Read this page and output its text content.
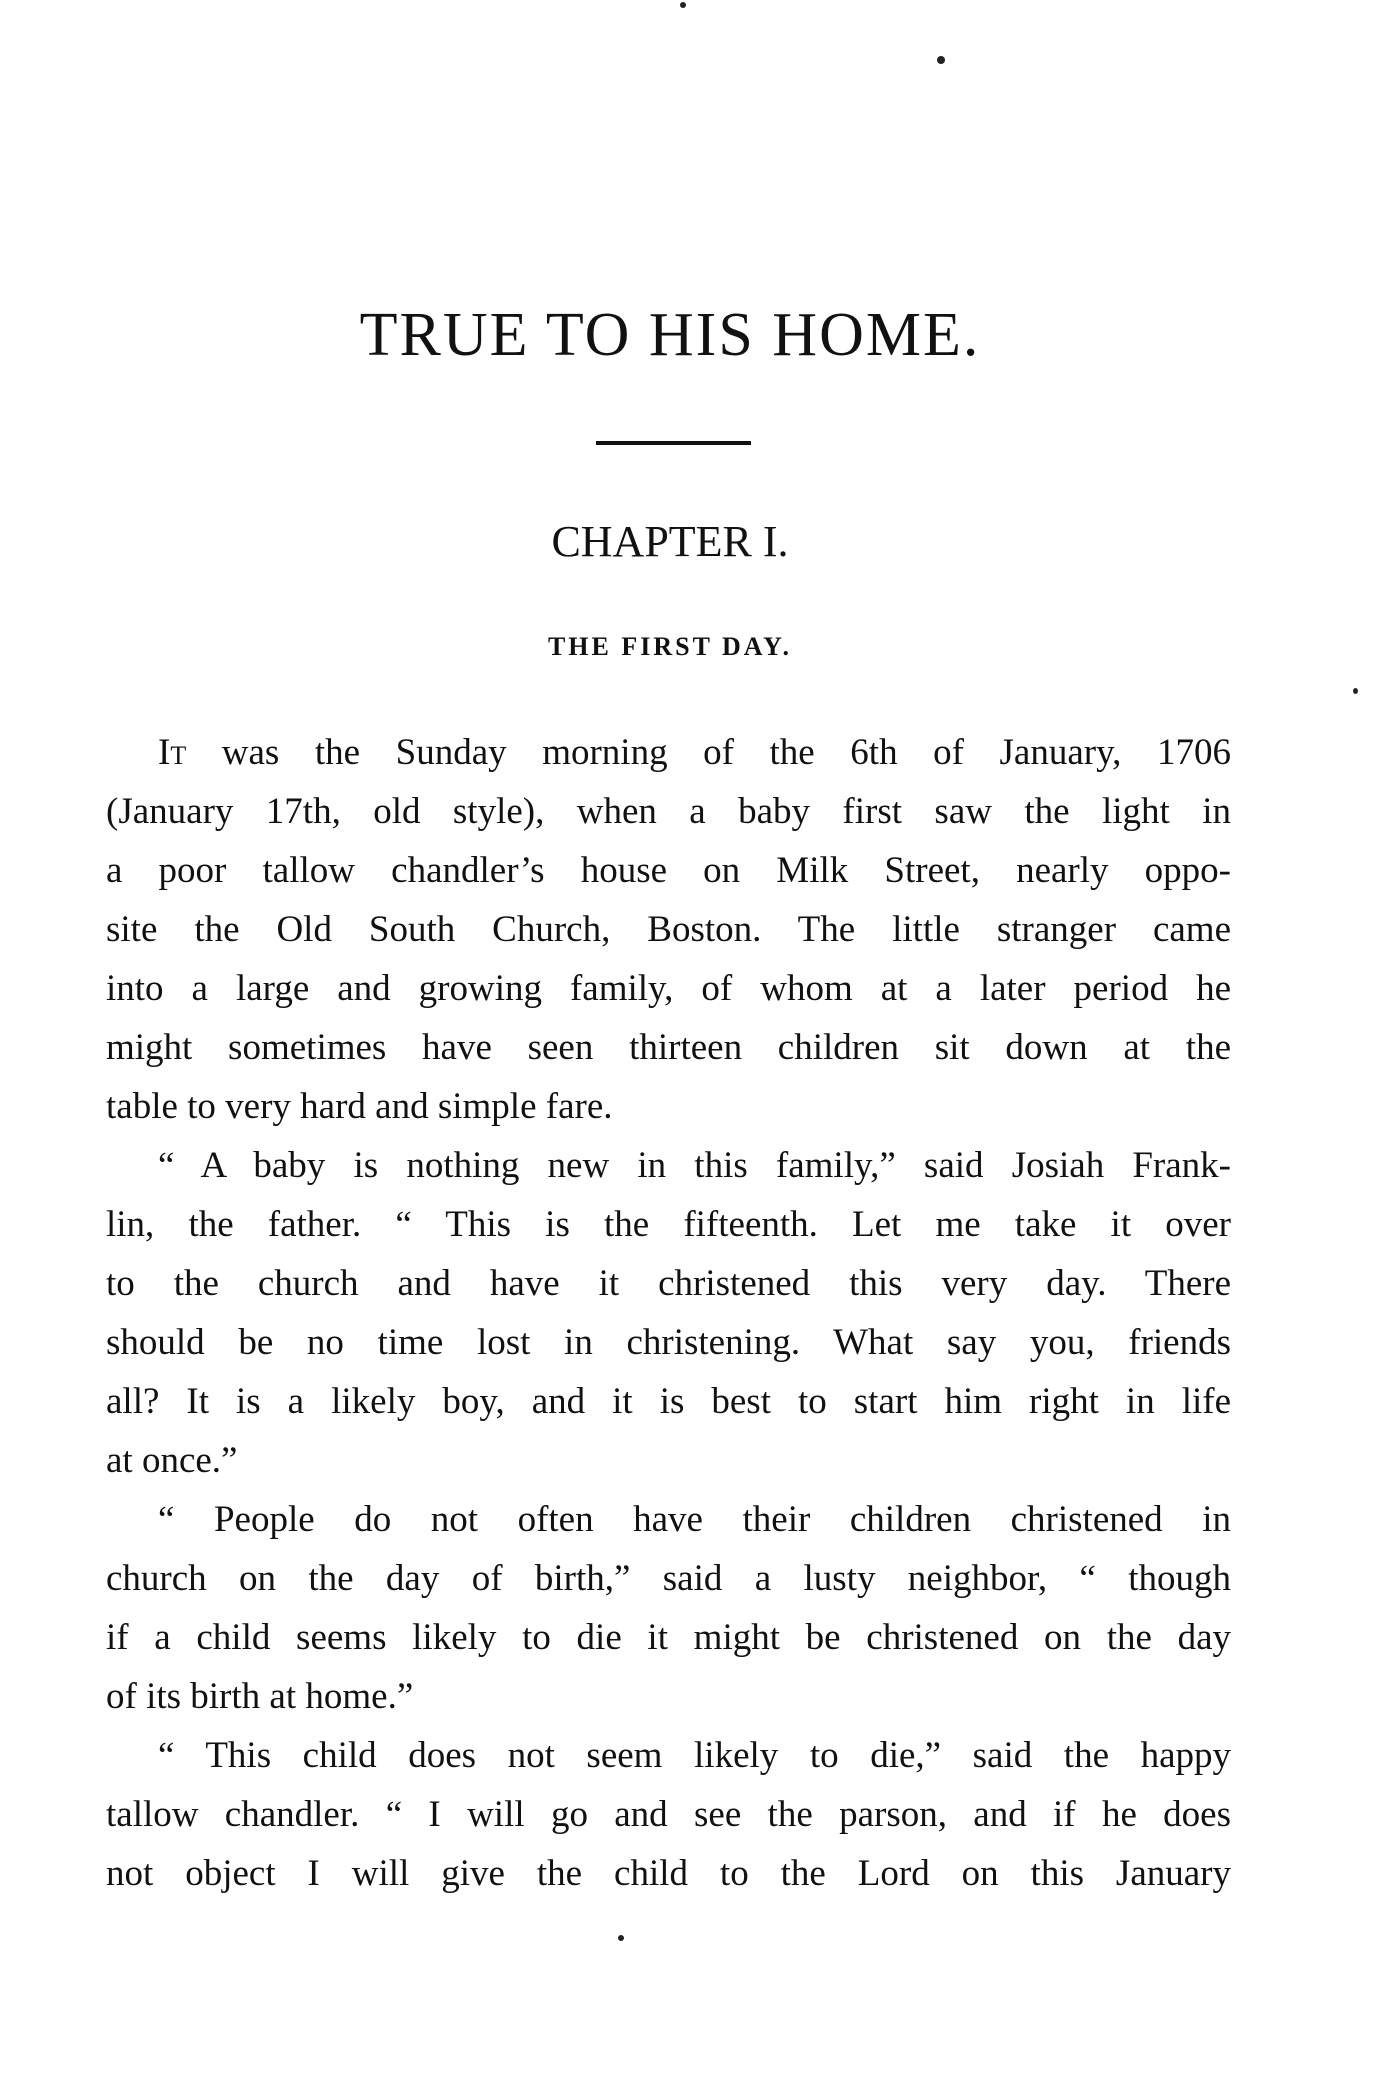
TRUE TO HIS HOME.
CHAPTER I.
THE FIRST DAY.
It was the Sunday morning of the 6th of January, 1706
(January 17th, old style), when a baby first saw the light in
a poor tallow chandler’s house on Milk Street, nearly oppo-
site the Old South Church, Boston. The little stranger came
into a large and growing family, of whom at a later period he
might sometimes have seen thirteen children sit down at the
table to very hard and simple fare.
“ A baby is nothing new in this family,” said Josiah Frank-
lin, the father. “ This is the fifteenth. Let me take it over
to the church and have it christened this very day. There
should be no time lost in christening. What say you, friends
all? It is a likely boy, and it is best to start him right in life
at once.”
“ People do not often have their children christened in
church on the day of birth,” said a lusty neighbor, “ though
if a child seems likely to die it might be christened on the day
of its birth at home.”
“ This child does not seem likely to die,” said the happy
tallow chandler. “ I will go and see the parson, and if he does
not object I will give the child to the Lord on this January
